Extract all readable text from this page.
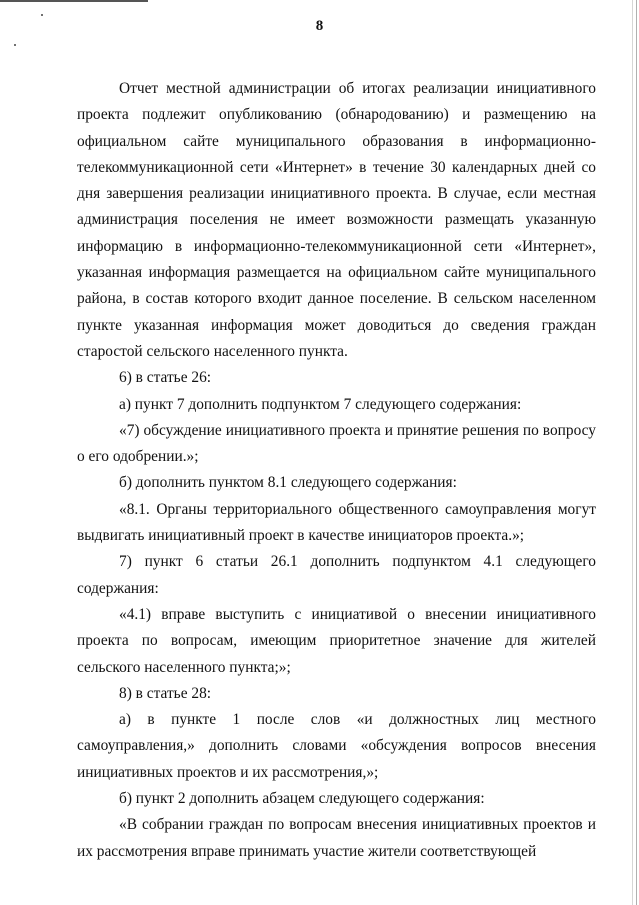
8

Отчет местной администрации об итогах реализации инициативного проекта подлежит опубликованию (обнародованию) и размещению на официальном сайте муниципального образования в информационно-телекоммуникационной сети «Интернет» в течение 30 календарных дней со дня завершения реализации инициативного проекта. В случае, если местная администрация поселения не имеет возможности размещать указанную информацию в информационно-телекоммуникационной сети «Интернет», указанная информация размещается на официальном сайте муниципального района, в состав которого входит данное поселение. В сельском населенном пункте указанная информация может доводиться до сведения граждан старостой сельского населенного пункта.

6) в статье 26:

а) пункт 7 дополнить подпунктом 7 следующего содержания:

«7) обсуждение инициативного проекта и принятие решения по вопросу о его одобрении.»;

б) дополнить пунктом 8.1 следующего содержания:

«8.1. Органы территориального общественного самоуправления могут выдвигать инициативный проект в качестве инициаторов проекта.»;

7) пункт 6 статьи 26.1 дополнить подпунктом 4.1 следующего содержания:

«4.1) вправе выступить с инициативой о внесении инициативного проекта по вопросам, имеющим приоритетное значение для жителей сельского населенного пункта;»;

8) в статье 28:

а) в пункте 1 после слов «и должностных лиц местного самоуправления,» дополнить словами «обсуждения вопросов внесения инициативных проектов и их рассмотрения,»;

б) пункт 2 дополнить абзацем следующего содержания:

«В собрании граждан по вопросам внесения инициативных проектов и их рассмотрения вправе принимать участие жители соответствующей
